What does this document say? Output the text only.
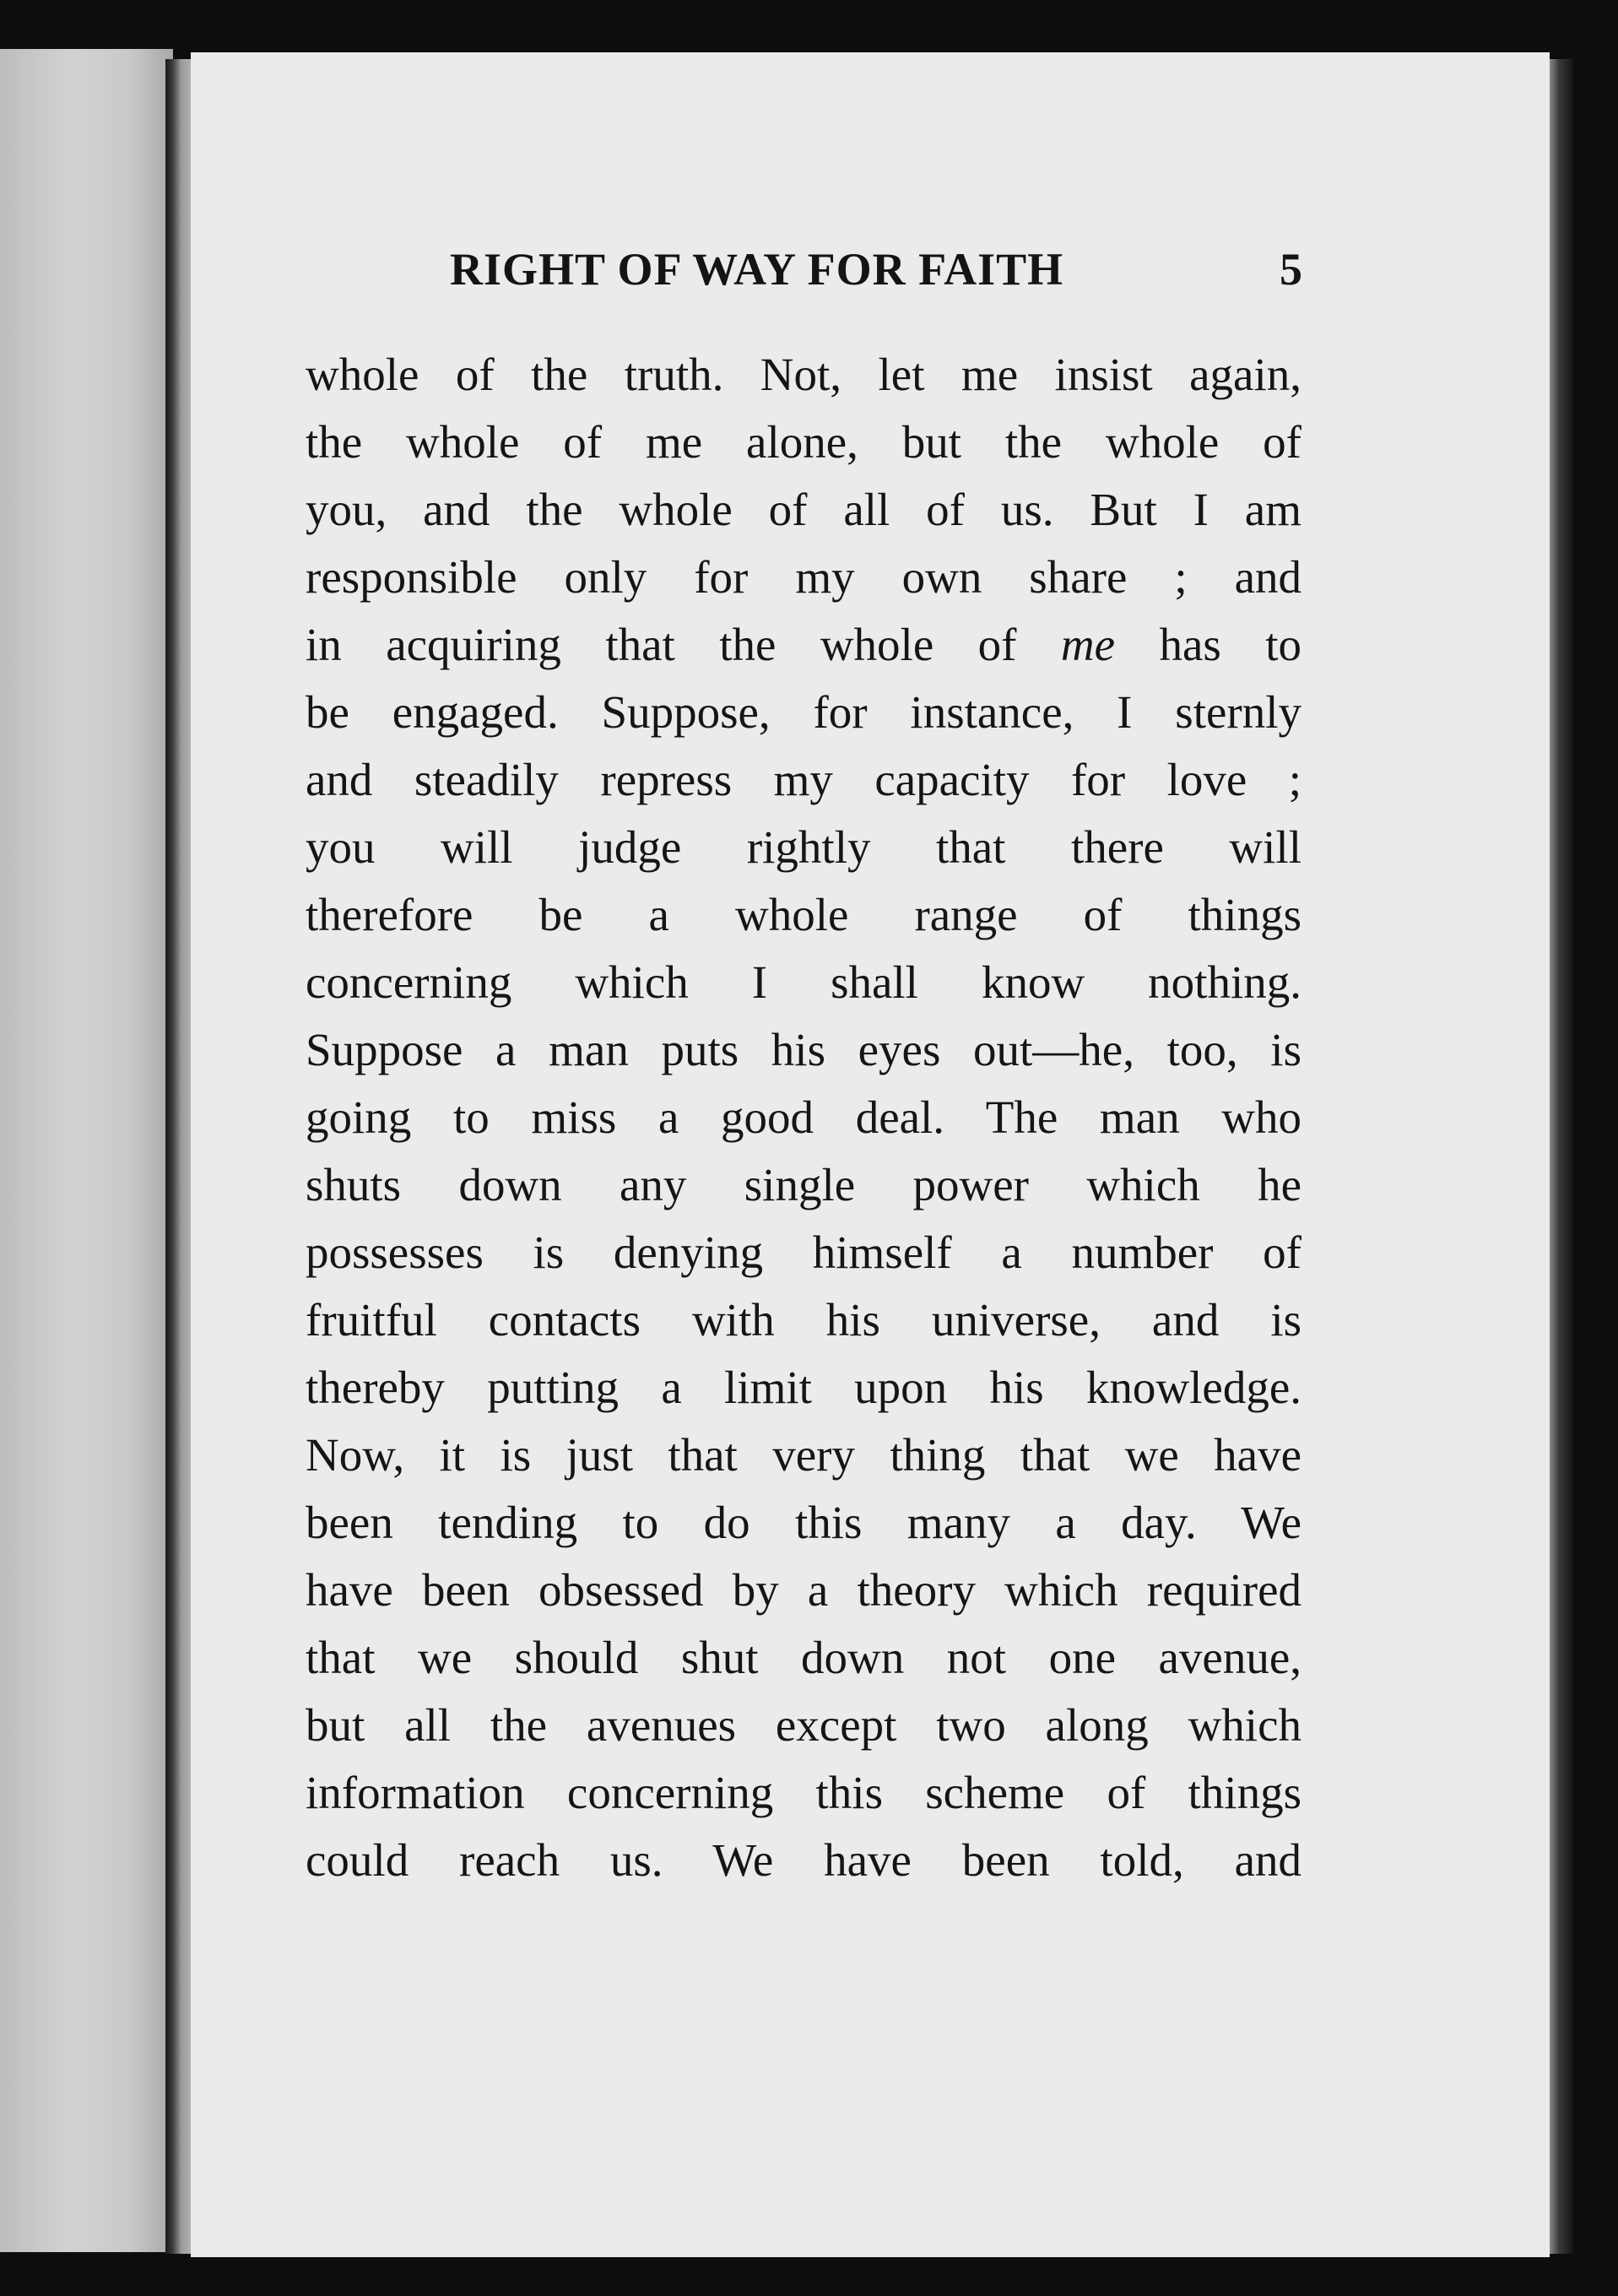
RIGHT OF WAY FOR FAITH	5
whole of the truth. Not, let me insist again,
the whole of me alone, but the whole of
you, and the whole of all of us. But I am
responsible only for my own share ; and
in acquiring that the whole of me has to
be engaged. Suppose, for instance, I sternly
and steadily repress my capacity for love ;
you will judge rightly that there will
therefore be a whole range of things
concerning which I shall know nothing.
Suppose a man puts his eyes out—he, too, is
going to miss a good deal. The man who
shuts down any single power which he
possesses is denying himself a number of
fruitful contacts with his universe, and is
thereby putting a limit upon his knowledge.
Now, it is just that very thing that we have
been tending to do this many a day. We
have been obsessed by a theory which required
that we should shut down not one avenue,
but all the avenues except two along which
information concerning this scheme of things
could reach us. We have been told, and
